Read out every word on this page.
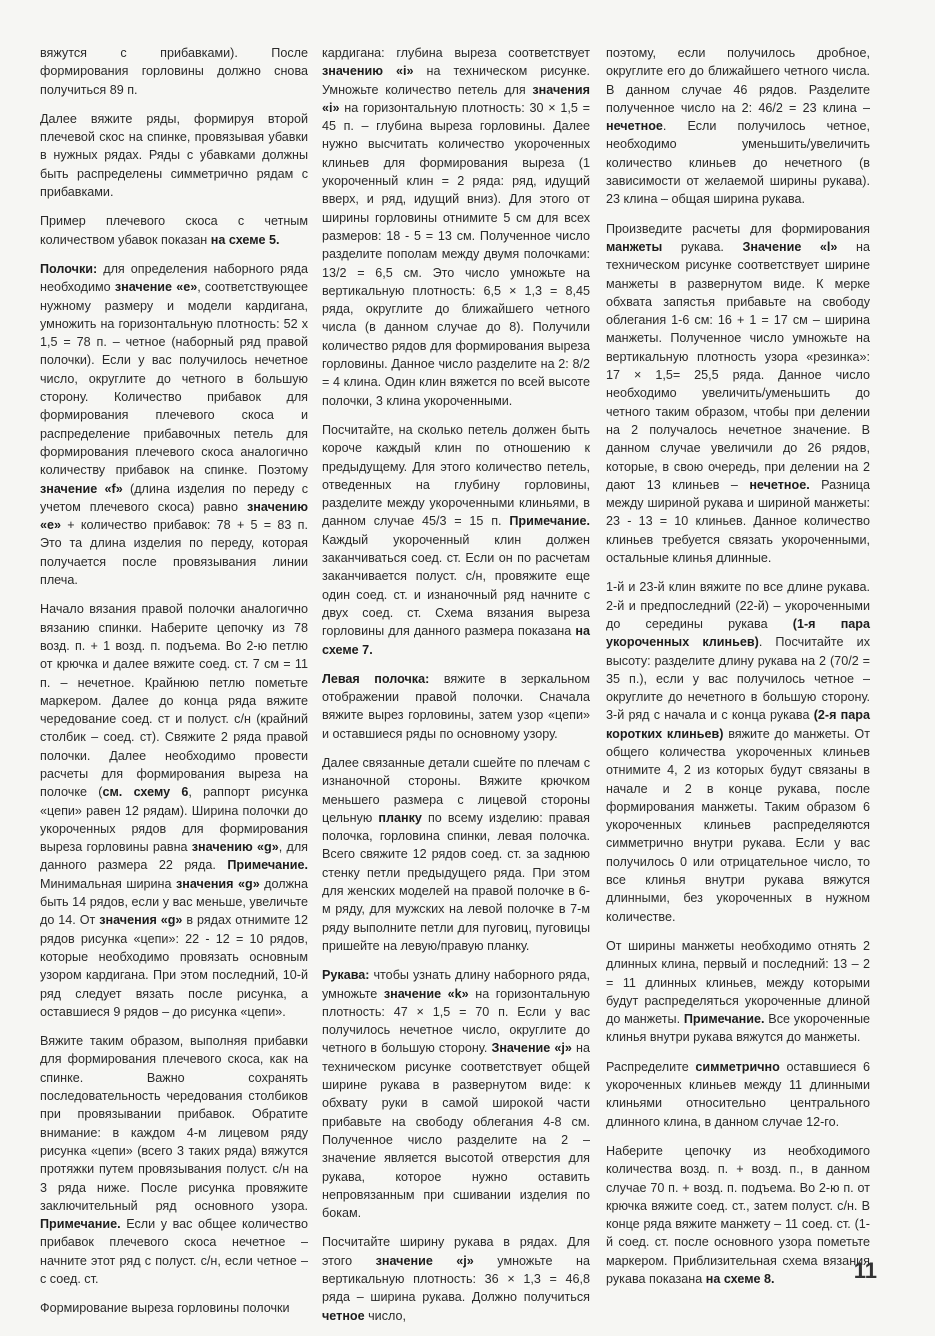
вяжутся с прибавками). После формирования горловины должно снова получиться 89 п.

Далее вяжите ряды, формируя второй плечевой скос на спинке, провязывая убавки в нужных рядах. Ряды с убавками должны быть распределены симметрично рядам с прибавками.

Пример плечевого скоса с четным количеством убавок показан на схеме 5.

Полочки: для определения наборного ряда необходимо значение «е», соответствующее нужному размеру и модели кардигана, умножить на горизонтальную плотность: 52 х 1,5 = 78 п. – четное (наборный ряд правой полочки). Если у вас получилось нечетное число, округлите до четного в большую сторону. Количество прибавок для формирования плечевого скоса и распределение прибавочных петель для формирования плечевого скоса аналогично количеству прибавок на спинке. Поэтому значение «f» (длина изделия по переду с учетом плечевого скоса) равно значению «е» + количество прибавок: 78 + 5 = 83 п. Это та длина изделия по переду, которая получается после провязывания линии плеча.

Начало вязания правой полочки аналогично вязанию спинки. Наберите цепочку из 78 возд. п. + 1 возд. п. подъема. Во 2-ю петлю от крючка и далее вяжите соед. ст. 7 см = 11 п. – нечетное. Крайнюю петлю пометьте маркером. Далее до конца ряда вяжите чередование соед. ст и полуст. с/н (крайний столбик – соед. ст). Свяжите 2 ряда правой полочки. Далее необходимо провести расчеты для формирования выреза на полочке (см. схему 6, раппорт рисунка «цепи» равен 12 рядам). Ширина полочки до укороченных рядов для формирования выреза горловины равна значению «g», для данного размера 22 ряда. Примечание. Минимальная ширина значения «g» должна быть 14 рядов, если у вас меньше, увеличьте до 14. От значения «g» в рядах отнимите 12 рядов рисунка «цепи»: 22 - 12 = 10 рядов, которые необходимо провязать основным узором кардигана. При этом последний, 10-й ряд следует вязать после рисунка, а оставшиеся 9 рядов – до рисунка «цепи».

Вяжите таким образом, выполняя прибавки для формирования плечевого скоса, как на спинке. Важно сохранять последовательность чередования столбиков при провязывании прибавок. Обратите внимание: в каждом 4-м лицевом ряду рисунка «цепи» (всего 3 таких ряда) вяжутся протяжки путем провязывания полуст. с/н на 3 ряда ниже. После рисунка провяжите заключительный ряд основного узора. Примечание. Если у вас общее количество прибавок плечевого скоса нечетное – начните этот ряд с полуст. с/н, если четное – с соед. ст.

Формирование выреза горловины полочки

кардигана: глубина выреза соответствует значению «i» на техническом рисунке. Умножьте количество петель для значения «i» на горизонтальную плотность: 30 × 1,5 = 45 п. – глубина выреза горловины. Далее нужно высчитать количество укороченных клиньев для формирования выреза (1 укороченный клин = 2 ряда: ряд, идущий вверх, и ряд, идущий вниз). Для этого от ширины горловины отнимите 5 см для всех размеров: 18 - 5 = 13 см. Полученное число разделите пополам между двумя полочками: 13/2 = 6,5 см. Это число умножьте на вертикальную плотность: 6,5 × 1,3 = 8,45 ряда, округлите до ближайшего четного числа (в данном случае до 8). Получили количество рядов для формирования выреза горловины. Данное число разделите на 2: 8/2 = 4 клина. Один клин вяжется по всей высоте полочки, 3 клина укороченными.

Посчитайте, на сколько петель должен быть короче каждый клин по отношению к предыдущему. Для этого количество петель, отведенных на глубину горловины, разделите между укороченными клиньями, в данном случае 45/3 = 15 п. Примечание. Каждый укороченный клин должен заканчиваться соед. ст. Если он по расчетам заканчивается полуст. с/н, провяжите еще один соед. ст. и изнаночный ряд начните с двух соед. ст. Схема вязания выреза горловины для данного размера показана на схеме 7.

Левая полочка: вяжите в зеркальном отображении правой полочки. Сначала вяжите вырез горловины, затем узор «цепи» и оставшиеся ряды по основному узору.

Далее связанные детали сшейте по плечам с изнаночной стороны. Вяжите крючком меньшего размера с лицевой стороны цельную планку по всему изделию: правая полочка, горловина спинки, левая полочка. Всего свяжите 12 рядов соед. ст. за заднюю стенку петли предыдущего ряда. При этом для женских моделей на правой полочке в 6-м ряду, для мужских на левой полочке в 7-м ряду выполните петли для пуговиц, пуговицы пришейте на левую/правую планку.

Рукава: чтобы узнать длину наборного ряда, умножьте значение «k» на горизонтальную плотность: 47 × 1,5 = 70 п. Если у вас получилось нечетное число, округлите до четного в большую сторону. Значение «j» на техническом рисунке соответствует общей ширине рукава в развернутом виде: к обхвату руки в самой широкой части прибавьте на свободу облегания 4-8 см. Полученное число разделите на 2 – значение является высотой отверстия для рукава, которое нужно оставить непровязанным при сшивании изделия по бокам.

Посчитайте ширину рукава в рядах. Для этого значение «j» умножьте на вертикальную плотность: 36 × 1,3 = 46,8 ряда – ширина рукава. Должно получиться четное число,

поэтому, если получилось дробное, округлите его до ближайшего четного числа. В данном случае 46 рядов. Разделите полученное число на 2: 46/2 = 23 клина – нечетное. Если получилось четное, необходимо уменьшить/увеличить количество клиньев до нечетного (в зависимости от желаемой ширины рукава). 23 клина – общая ширина рукава.

Произведите расчеты для формирования манжеты рукава. Значение «l» на техническом рисунке соответствует ширине манжеты в развернутом виде. К мерке обхвата запястья прибавьте на свободу облегания 1-6 см: 16 + 1 = 17 см – ширина манжеты. Полученное число умножьте на вертикальную плотность узора «резинка»: 17 × 1,5= 25,5 ряда. Данное число необходимо увеличить/уменьшить до четного таким образом, чтобы при делении на 2 получалось нечетное значение. В данном случае увеличили до 26 рядов, которые, в свою очередь, при делении на 2 дают 13 клиньев – нечетное. Разница между шириной рукава и шириной манжеты: 23 - 13 = 10 клиньев. Данное количество клиньев требуется связать укороченными, остальные клинья длинные.

1-й и 23-й клин вяжите по все длине рукава. 2-й и предпоследний (22-й) – укороченными до середины рукава (1-я пара укороченных клиньев). Посчитайте их высоту: разделите длину рукава на 2 (70/2 = 35 п.), если у вас получилось четное – округлите до нечетного в большую сторону. 3-й ряд с начала и с конца рукава (2-я пара коротких клиньев) вяжите до манжеты. От общего количества укороченных клиньев отнимите 4, 2 из которых будут связаны в начале и 2 в конце рукава, после формирования манжеты. Таким образом 6 укороченных клиньев распределяются симметрично внутри рукава. Если у вас получилось 0 или отрицательное число, то все клинья внутри рукава вяжутся длинными, без укороченных в нужном количестве.

От ширины манжеты необходимо отнять 2 длинных клина, первый и последний: 13 – 2 = 11 длинных клиньев, между которыми будут распределяться укороченные длиной до манжеты. Примечание. Все укороченные клинья внутри рукава вяжутся до манжеты.

Распределите симметрично оставшиеся 6 укороченных клиньев между 11 длинными клиньями относительно центрального длинного клина, в данном случае 12-го.

Наберите цепочку из необходимого количества возд. п. + возд. п., в данном случае 70 п. + возд. п. подъема. Во 2-ю п. от крючка вяжите соед. ст., затем полуст. с/н. В конце ряда вяжите манжету – 11 соед. ст. (1-й соед. ст. после основного узора пометьте маркером. Приблизительная схема вязания рукава показана на схеме 8.	11
